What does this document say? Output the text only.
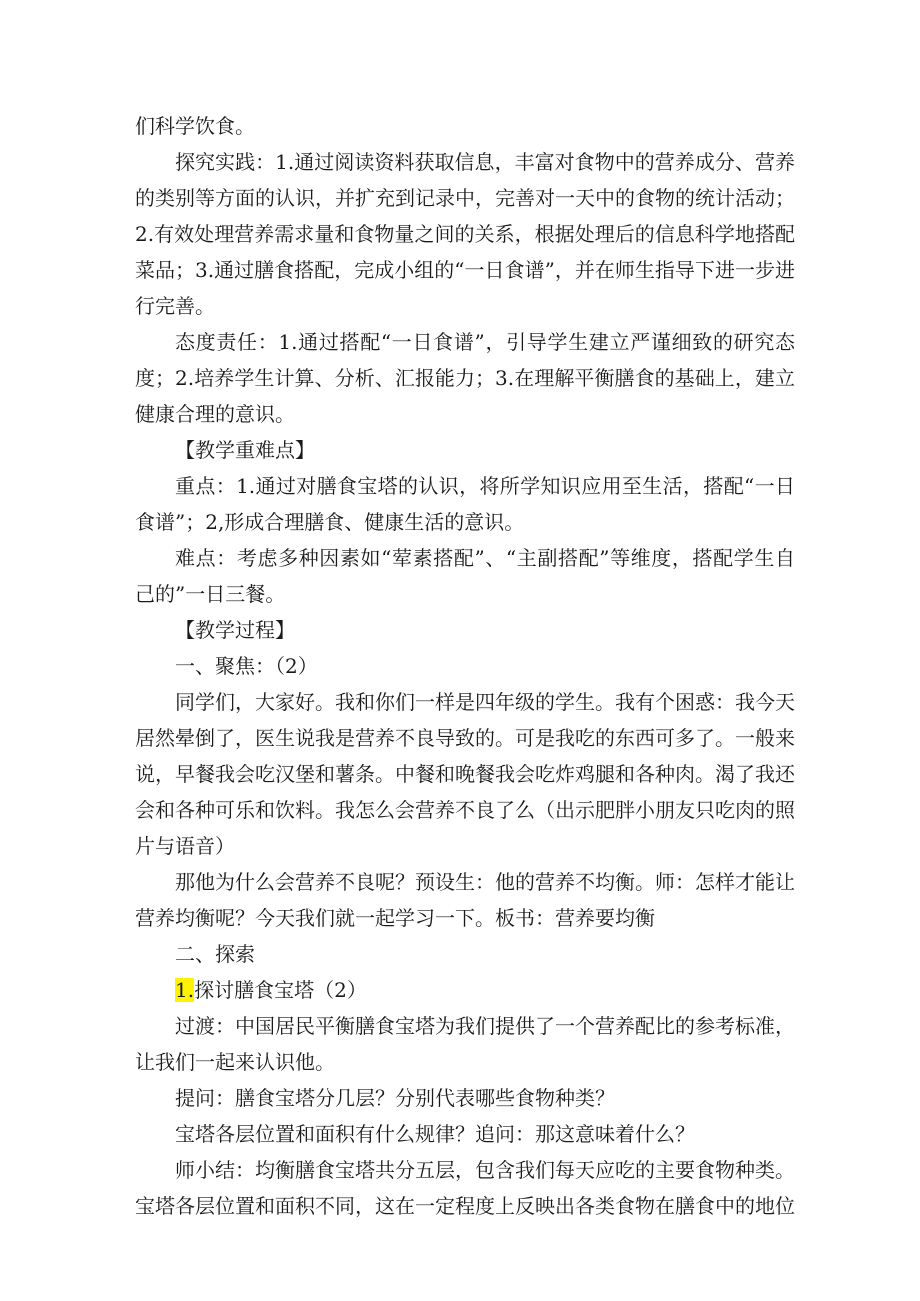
们科学饮食。

探究实践：1.通过阅读资料获取信息，丰富对食物中的营养成分、营养的类别等方面的认识，并扩充到记录中，完善对一天中的食物的统计活动；2.有效处理营养需求量和食物量之间的关系，根据处理后的信息科学地搭配菜品；3.通过膳食搭配，完成小组的“一日食谱”，并在师生指导下进一步进行完善。

态度责任：1.通过搭配“一日食谱”，引导学生建立严谨细致的研究态度；2.培养学生计算、分析、汇报能力；3.在理解平衡膳食的基础上，建立健康合理的意识。

【教学重难点】

重点：1.通过对膳食宝塔的认识，将所学知识应用至生活，搭配“一日食谱”；2,形成合理膳食、健康生活的意识。

难点：考虑多种因素如“荤素搭配”、“主副搭配”等维度，搭配学生自己的”一日三餐。

【教学过程】

一、聚焦：（2）

同学们，大家好。我和你们一样是四年级的学生。我有个困惑：我今天居然晕倒了，医生说我是营养不良导致的。可是我吃的东西可多了。一般来说，早餐我会吃汉堡和薯条。中餐和晚餐我会吃炸鸡腿和各种肉。渴了我还会和各种可乐和饮料。我怎么会营养不良了么（出示肥胖小朋友只吃肉的照片与语音）

那他为什么会营养不良呢？预设生：他的营养不均衡。师：怎样才能让营养均衡呢？今天我们就一起学习一下。板书：营养要均衡

二、探索

1.探讨膳食宝塔（2）

过渡：中国居民平衡膳食宝塔为我们提供了一个营养配比的参考标准，让我们一起来认识他。

提问：膳食宝塔分几层？分别代表哪些食物种类？

宝塔各层位置和面积有什么规律？追问：那这意味着什么？

师小结：均衡膳食宝塔共分五层，包含我们每天应吃的主要食物种类。宝塔各层位置和面积不同，这在一定程度上反映出各类食物在膳食中的地位
